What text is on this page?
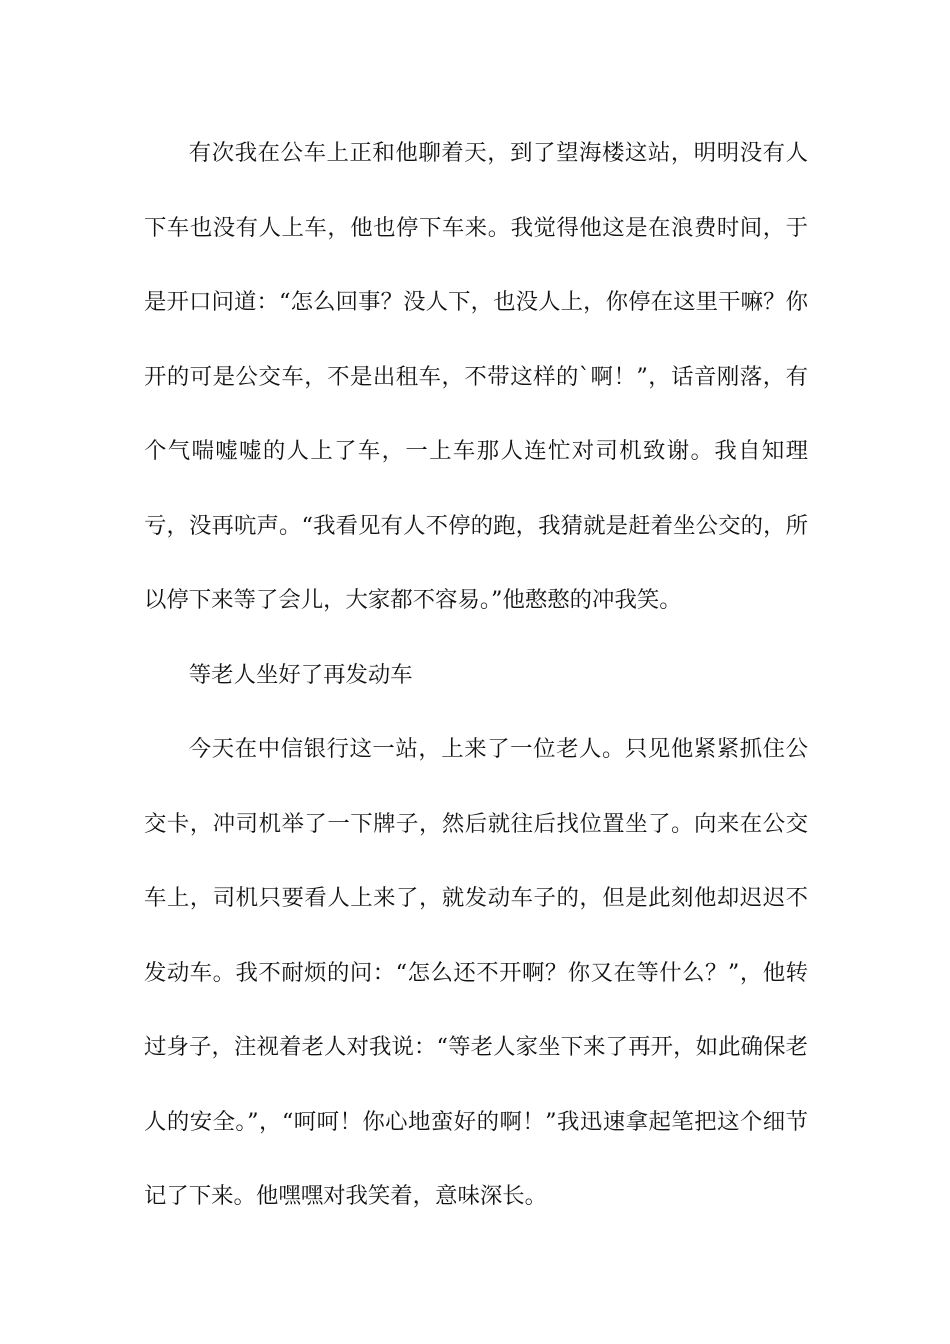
有次我在公车上正和他聊着天，到了望海楼这站，明明没有人下车也没有人上车，他也停下车来。我觉得他这是在浪费时间，于是开口问道：“怎么回事？没人下，也没人上，你停在这里干嘛？你开的可是公交车，不是出租车，不带这样的`啊！”，话音刚落，有个气喘嘘嘘的人上了车，一上车那人连忙对司机致谢。我自知理亏，没再吭声。“我看见有人不停的跑，我猜就是赶着坐公交的，所以停下来等了会儿，大家都不容易。”他憨憨的冲我笑。

等老人坐好了再发动车

今天在中信银行这一站，上来了一位老人。只见他紧紧抓住公交卡，冲司机举了一下牌子，然后就往后找位置坐了。向来在公交车上，司机只要看人上来了，就发动车子的，但是此刻他却迟迟不发动车。我不耐烦的问：“怎么还不开啊？你又在等什么？”，他转过身子，注视着老人对我说：“等老人家坐下来了再开，如此确保老人的安全。”，“呵呵！你心地蛮好的啊！”我迅速拿起笔把这个细节记了下来。他嘿嘿对我笑着，意味深长。
